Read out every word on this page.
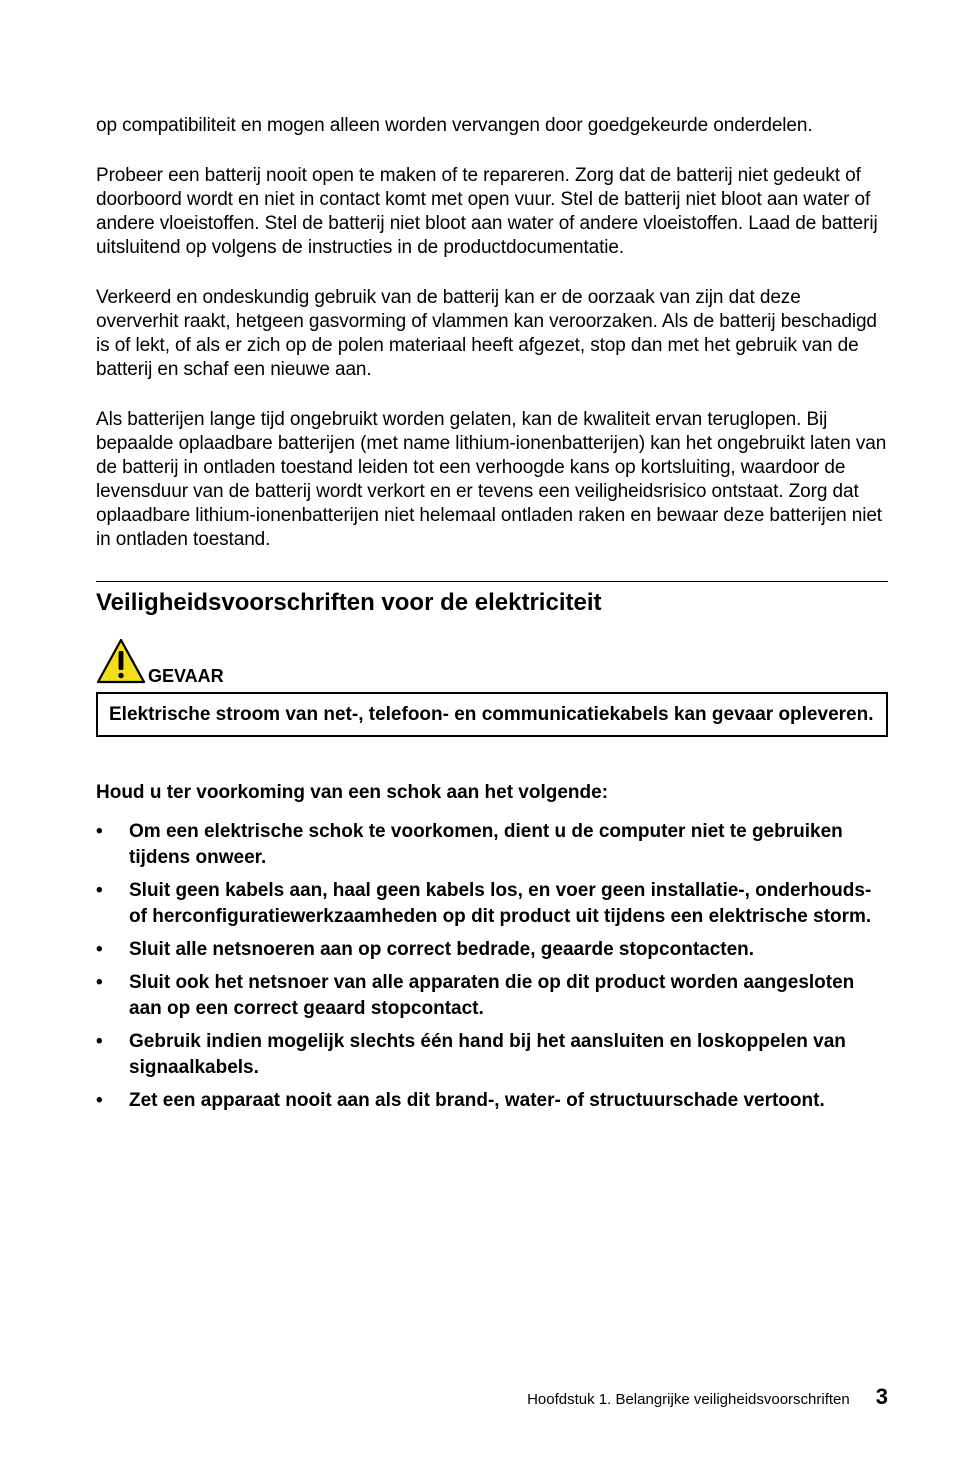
op compatibiliteit en mogen alleen worden vervangen door goedgekeurde onderdelen.

Probeer een batterij nooit open te maken of te repareren. Zorg dat de batterij niet gedeukt of doorboord wordt en niet in contact komt met open vuur. Stel de batterij niet bloot aan water of andere vloeistoffen. Stel de batterij niet bloot aan water of andere vloeistoffen. Laad de batterij uitsluitend op volgens de instructies in de productdocumentatie.

Verkeerd en ondeskundig gebruik van de batterij kan er de oorzaak van zijn dat deze oververhit raakt, hetgeen gasvorming of vlammen kan veroorzaken. Als de batterij beschadigd is of lekt, of als er zich op de polen materiaal heeft afgezet, stop dan met het gebruik van de batterij en schaf een nieuwe aan.

Als batterijen lange tijd ongebruikt worden gelaten, kan de kwaliteit ervan teruglopen. Bij bepaalde oplaadbare batterijen (met name lithium-ionenbatterijen) kan het ongebruikt laten van de batterij in ontladen toestand leiden tot een verhoogde kans op kortsluiting, waardoor de levensduur van de batterij wordt verkort en er tevens een veiligheidsrisico ontstaat. Zorg dat oplaadbare lithium-ionenbatterijen niet helemaal ontladen raken en bewaar deze batterijen niet in ontladen toestand.

Veiligheidsvoorschriften voor de elektriciteit
GEVAAR
Elektrische stroom van net-, telefoon- en communicatiekabels kan gevaar opleveren.

Houd u ter voorkoming van een schok aan het volgende:

• Om een elektrische schok te voorkomen, dient u de computer niet te gebruiken tijdens onweer.
• Sluit geen kabels aan, haal geen kabels los, en voer geen installatie-, onderhouds- of herconfiguratiewerkzaamheden op dit product uit tijdens een elektrische storm.
• Sluit alle netsnoeren aan op correct bedrade, geaarde stopcontacten.
• Sluit ook het netsnoer van alle apparaten die op dit product worden aangesloten aan op een correct geaard stopcontact.
• Gebruik indien mogelijk slechts één hand bij het aansluiten en loskoppelen van signaalkabels.
• Zet een apparaat nooit aan als dit brand-, water- of structuurschade vertoont.
Hoofdstuk 1. Belangrijke veiligheidsvoorschriften 3
